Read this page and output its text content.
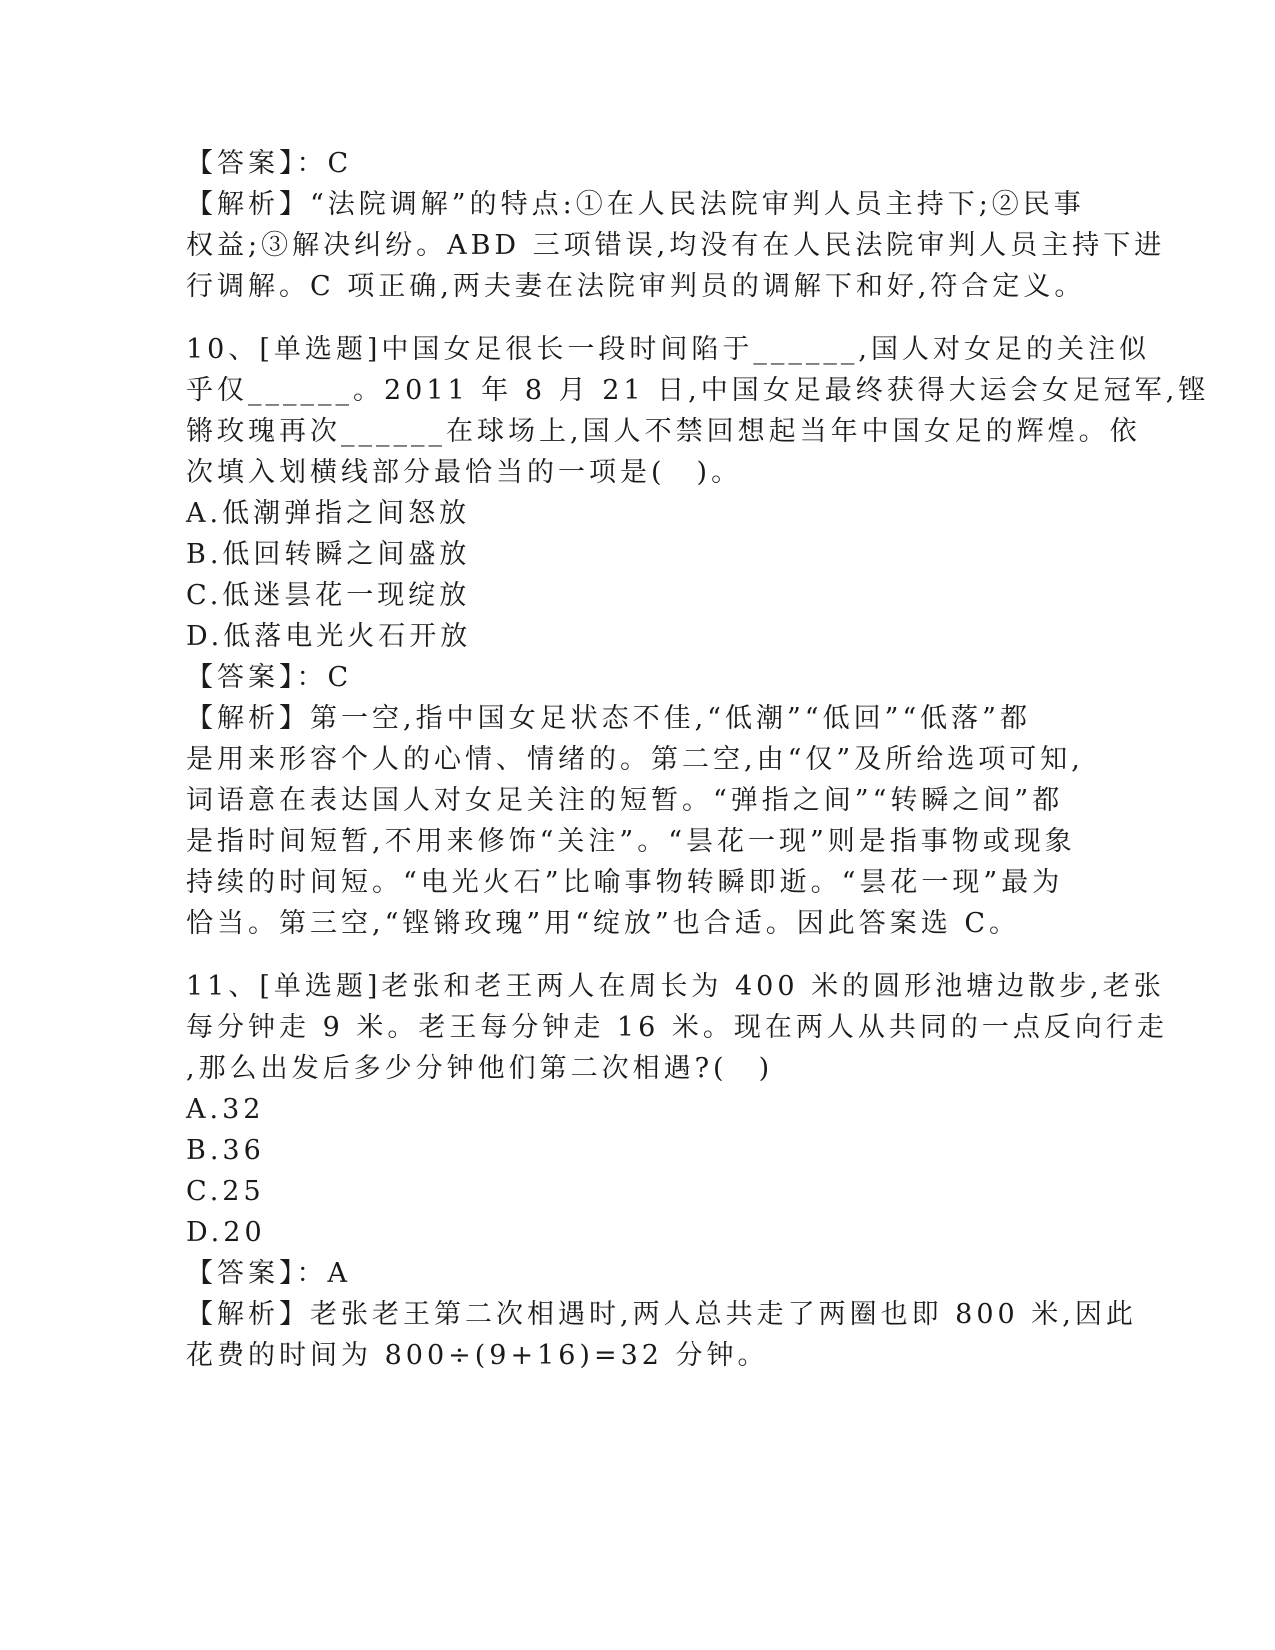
【答案】：C
【解析】“法院调解”的特点:①在人民法院审判人员主持下;②民事
权益;③解决纠纷。ABD 三项错误,均没有在人民法院审判人员主持下进
行调解。C 项正确,两夫妻在法院审判员的调解下和好,符合定义。
10、[单选题]中国女足很长一段时间陷于______,国人对女足的关注似
乎仅______。2011 年 8 月 21 日,中国女足最终获得大运会女足冠军,铿
锵玫瑰再次______在球场上,国人不禁回想起当年中国女足的辉煌。依
次填入划横线部分最恰当的一项是(　)。
A.低潮弹指之间怒放
B.低回转瞬之间盛放
C.低迷昙花一现绽放
D.低落电光火石开放
【答案】：C
【解析】第一空,指中国女足状态不佳,“低潮”“低回”“低落”都
是用来形容个人的心情、情绪的。第二空,由“仅”及所给选项可知,
词语意在表达国人对女足关注的短暂。“弹指之间”“转瞬之间”都
是指时间短暂,不用来修饰“关注”。“昙花一现”则是指事物或现象
持续的时间短。“电光火石”比喻事物转瞬即逝。“昙花一现”最为
恰当。第三空,“铿锵玫瑰”用“绽放”也合适。因此答案选 C。
11、[单选题]老张和老王两人在周长为 400 米的圆形池塘边散步,老张
每分钟走 9 米。老王每分钟走 16 米。现在两人从共同的一点反向行走
,那么出发后多少分钟他们第二次相遇?(　)
A.32
B.36
C.25
D.20
【答案】：A
【解析】老张老王第二次相遇时,两人总共走了两圈也即 800 米,因此
花费的时间为 800÷(9+16)=32 分钟。
